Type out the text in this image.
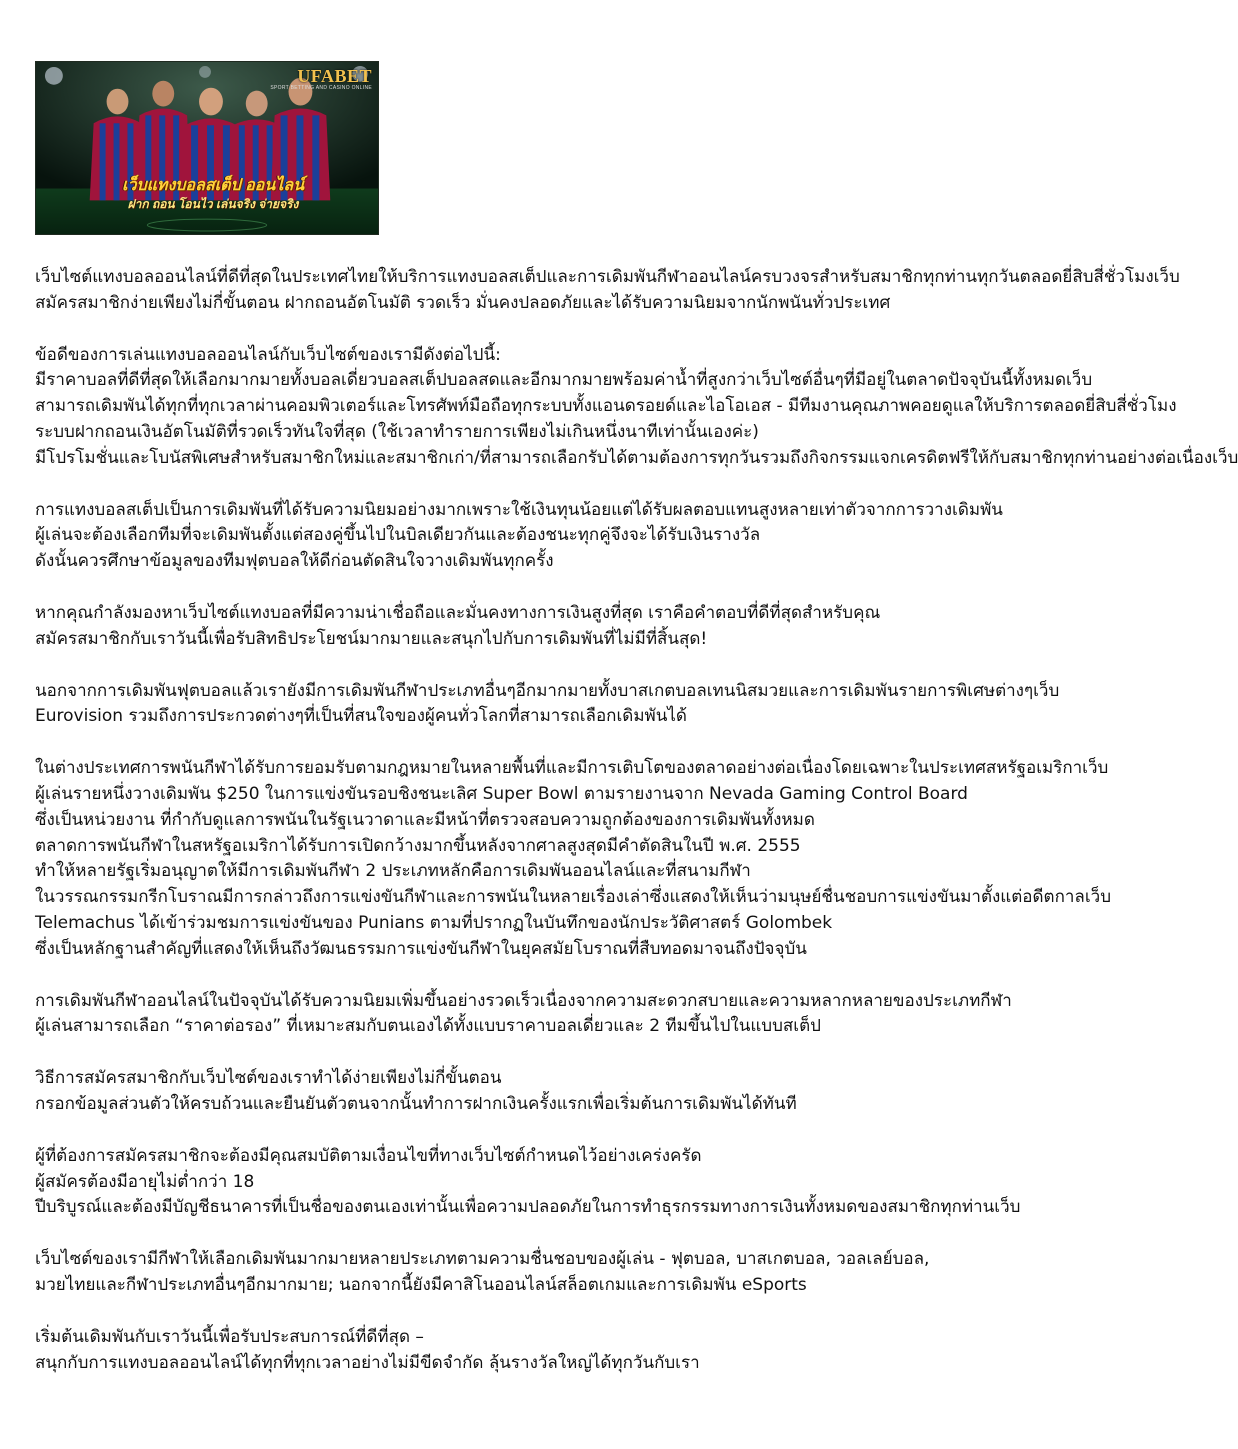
UFABET
SPORT BETTING AND CASINO ONLINE
เว็บแทงบอลสเต็ป ออนไลน์
ฝาก ถอน โอนไว เล่นจริง จ่ายจริง
เว็บไซต์แทงบอลออนไลน์ที่ดีที่สุดในประเทศไทยให้บริการแทงบอลสเต็ปและการเดิมพันกีฬาออนไลน์ครบวงจรสำหรับสมาชิกทุกท่านทุกวันตลอดยี่สิบสี่ชั่วโมงเว็บ
สมัครสมาชิกง่ายเพียงไม่กี่ขั้นตอน ฝากถอนอัตโนมัติ รวดเร็ว มั่นคงปลอดภัยและได้รับความนิยมจากนักพนันทั่วประเทศ
ข้อดีของการเล่นแทงบอลออนไลน์กับเว็บไซต์ของเรามีดังต่อไปนี้:
มีราคาบอลที่ดีที่สุดให้เลือกมากมายทั้งบอลเดี่ยวบอลสเต็ปบอลสดและอีกมากมายพร้อมค่าน้ำที่สูงกว่าเว็บไซต์อื่นๆที่มีอยู่ในตลาดปัจจุบันนี้ทั้งหมดเว็บ
สามารถเดิมพันได้ทุกที่ทุกเวลาผ่านคอมพิวเตอร์และโทรศัพท์มือถือทุกระบบทั้งแอนดรอยด์และไอโอเอส - มีทีมงานคุณภาพคอยดูแลให้บริการตลอดยี่สิบสี่ชั่วโมง
ระบบฝากถอนเงินอัตโนมัติที่รวดเร็วทันใจที่สุด (ใช้เวลาทำรายการเพียงไม่เกินหนึ่งนาทีเท่านั้นเองค่ะ)
มีโปรโมชั่นและโบนัสพิเศษสำหรับสมาชิกใหม่และสมาชิกเก่า/ที่สามารถเลือกรับได้ตามต้องการทุกวันรวมถึงกิจกรรมแจกเครดิตฟรีให้กับสมาชิกทุกท่านอย่างต่อเนื่องเว็บ
การแทงบอลสเต็ปเป็นการเดิมพันที่ได้รับความนิยมอย่างมากเพราะใช้เงินทุนน้อยแต่ได้รับผลตอบแทนสูงหลายเท่าตัวจากการวางเดิมพัน
ผู้เล่นจะต้องเลือกทีมที่จะเดิมพันตั้งแต่สองคู่ขึ้นไปในบิลเดียวกันและต้องชนะทุกคู่จึงจะได้รับเงินรางวัล
ดังนั้นควรศึกษาข้อมูลของทีมฟุตบอลให้ดีก่อนตัดสินใจวางเดิมพันทุกครั้ง
หากคุณกำลังมองหาเว็บไซต์แทงบอลที่มีความน่าเชื่อถือและมั่นคงทางการเงินสูงที่สุด เราคือคำตอบที่ดีที่สุดสำหรับคุณ
สมัครสมาชิกกับเราวันนี้เพื่อรับสิทธิประโยชน์มากมายและสนุกไปกับการเดิมพันที่ไม่มีที่สิ้นสุด!
นอกจากการเดิมพันฟุตบอลแล้วเรายังมีการเดิมพันกีฬาประเภทอื่นๆอีกมากมายทั้งบาสเกตบอลเทนนิสมวยและการเดิมพันรายการพิเศษต่างๆเว็บ
Eurovision รวมถึงการประกวดต่างๆที่เป็นที่สนใจของผู้คนทั่วโลกที่สามารถเลือกเดิมพันได้
ในต่างประเทศการพนันกีฬาได้รับการยอมรับตามกฎหมายในหลายพื้นที่และมีการเติบโตของตลาดอย่างต่อเนื่องโดยเฉพาะในประเทศสหรัฐอเมริกาเว็บ
ผู้เล่นรายหนึ่งวางเดิมพัน $250 ในการแข่งขันรอบชิงชนะเลิศ Super Bowl ตามรายงานจาก Nevada Gaming Control Board
ซึ่งเป็นหน่วยงาน ที่กำกับดูแลการพนันในรัฐเนวาดาและมีหน้าที่ตรวจสอบความถูกต้องของการเดิมพันทั้งหมด
ตลาดการพนันกีฬาในสหรัฐอเมริกาได้รับการเปิดกว้างมากขึ้นหลังจากศาลสูงสุดมีคำตัดสินในปี พ.ศ. 2555
ทำให้หลายรัฐเริ่มอนุญาตให้มีการเดิมพันกีฬา 2 ประเภทหลักคือการเดิมพันออนไลน์และที่สนามกีฬา
ในวรรณกรรมกรีกโบราณมีการกล่าวถึงการแข่งขันกีฬาและการพนันในหลายเรื่องเล่าซึ่งแสดงให้เห็นว่ามนุษย์ชื่นชอบการแข่งขันมาตั้งแต่อดีตกาลเว็บ
Telemachus ได้เข้าร่วมชมการแข่งขันของ Punians ตามที่ปรากฏในบันทึกของนักประวัติศาสตร์ Golombek
ซึ่งเป็นหลักฐานสำคัญที่แสดงให้เห็นถึงวัฒนธรรมการแข่งขันกีฬาในยุคสมัยโบราณที่สืบทอดมาจนถึงปัจจุบัน
การเดิมพันกีฬาออนไลน์ในปัจจุบันได้รับความนิยมเพิ่มขึ้นอย่างรวดเร็วเนื่องจากความสะดวกสบายและความหลากหลายของประเภทกีฬา
ผู้เล่นสามารถเลือก “ราคาต่อรอง” ที่เหมาะสมกับตนเองได้ทั้งแบบราคาบอลเดี่ยวและ 2 ทีมขึ้นไปในแบบสเต็ป
วิธีการสมัครสมาชิกกับเว็บไซต์ของเราทำได้ง่ายเพียงไม่กี่ขั้นตอน
กรอกข้อมูลส่วนตัวให้ครบถ้วนและยืนยันตัวตนจากนั้นทำการฝากเงินครั้งแรกเพื่อเริ่มต้นการเดิมพันได้ทันที
ผู้ที่ต้องการสมัครสมาชิกจะต้องมีคุณสมบัติตามเงื่อนไขที่ทางเว็บไซต์กำหนดไว้อย่างเคร่งครัด
ผู้สมัครต้องมีอายุไม่ต่ำกว่า 18
ปีบริบูรณ์และต้องมีบัญชีธนาคารที่เป็นชื่อของตนเองเท่านั้นเพื่อความปลอดภัยในการทำธุรกรรมทางการเงินทั้งหมดของสมาชิกทุกท่านเว็บ
เว็บไซต์ของเรามีกีฬาให้เลือกเดิมพันมากมายหลายประเภทตามความชื่นชอบของผู้เล่น - ฟุตบอล, บาสเกตบอล, วอลเลย์บอล,
มวยไทยและกีฬาประเภทอื่นๆอีกมากมาย; นอกจากนี้ยังมีคาสิโนออนไลน์สล็อตเกมและการเดิมพัน eSports
เริ่มต้นเดิมพันกับเราวันนี้เพื่อรับประสบการณ์ที่ดีที่สุด –
สนุกกับการแทงบอลออนไลน์ได้ทุกที่ทุกเวลาอย่างไม่มีขีดจำกัด ลุ้นรางวัลใหญ่ได้ทุกวันกับเรา
